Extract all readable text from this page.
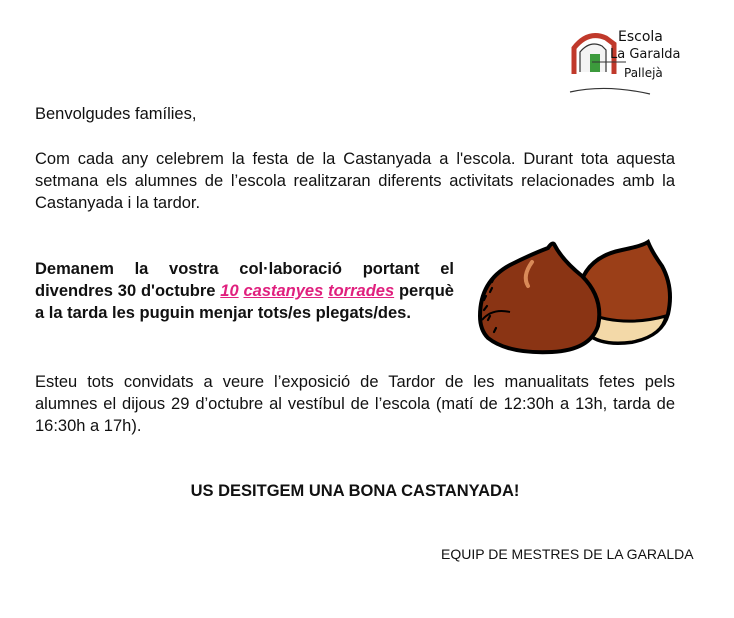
Escola
La Garalda
Pallejà
Benvolgudes famílies,
Com cada any celebrem la festa de la Castanyada a l'escola. Durant tota aquesta setmana els alumnes de l’escola realitzaran diferents activitats relacionades amb la Castanyada i la tardor.
Demanem la vostra col·laboració portant el
divendres 30 d'octubre 10 castanyes torrades perquè a la tarda les puguin menjar tots/es plegats/des.
Esteu tots convidats a veure l’exposició de Tardor de les manualitats fetes pels alumnes el dijous 29 d’octubre al vestíbul de l’escola (matí de 12:30h a 13h, tarda de 16:30h a 17h).
US DESITGEM UNA BONA CASTANYADA!
EQUIP DE MESTRES DE LA GARALDA
